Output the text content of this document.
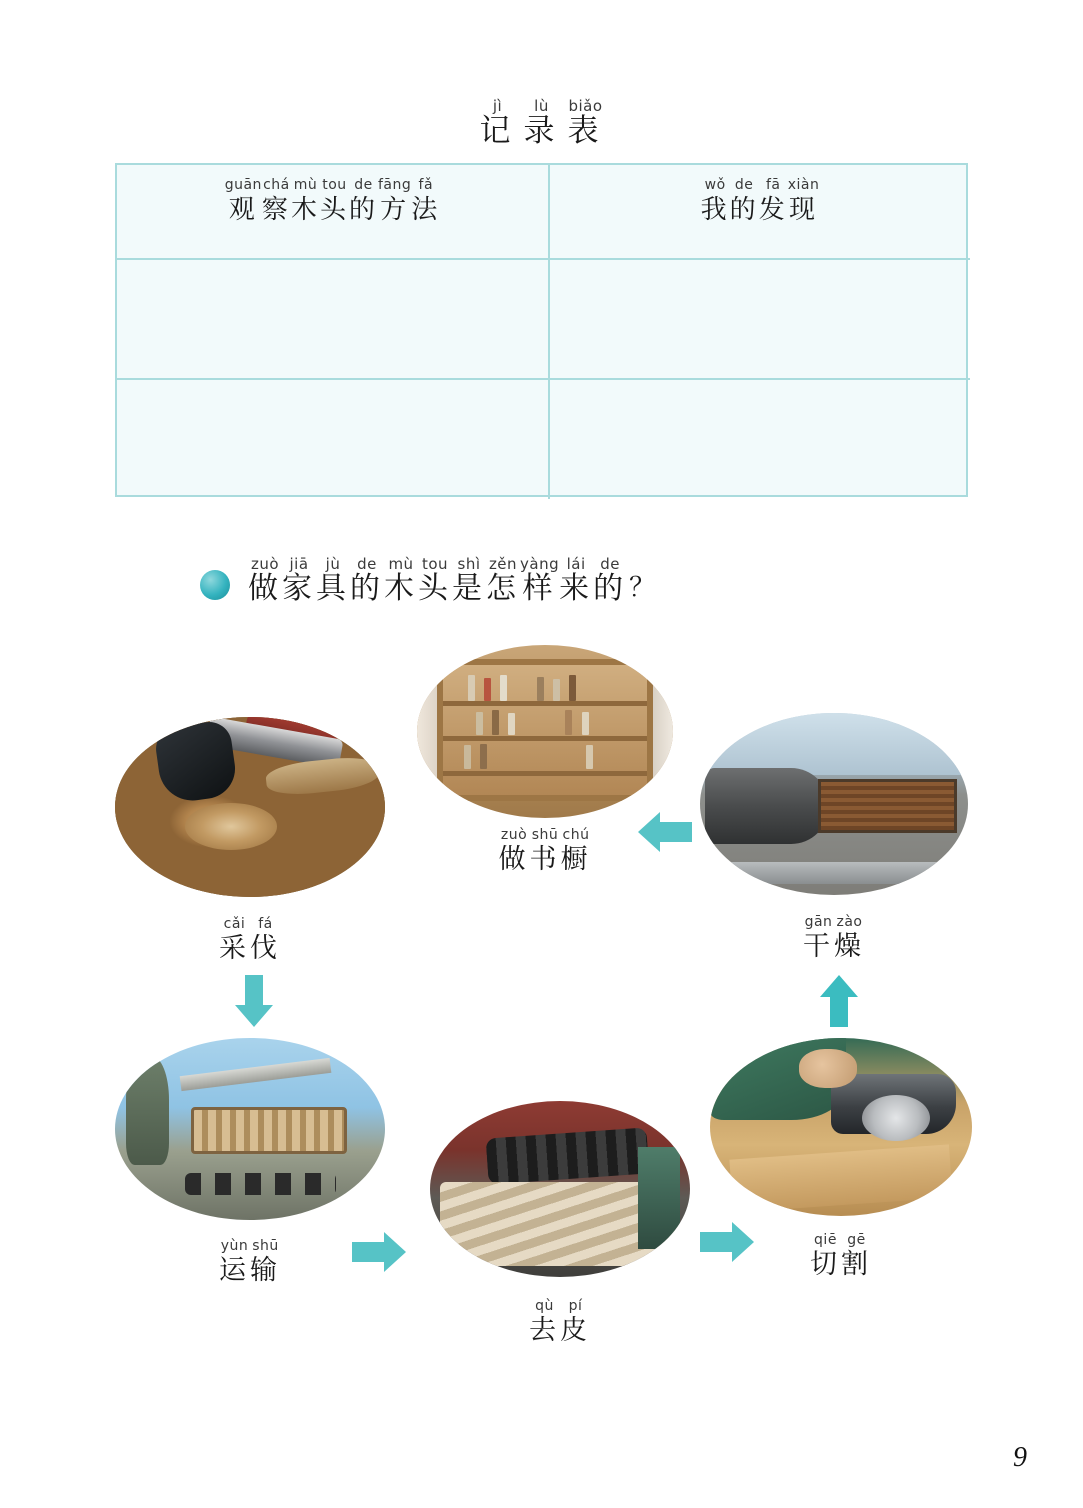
jì
记
lù
录
biǎo
表
guān
观
chá
察
mù
木
tou
头
de
的
fāng
方
fǎ
法
wǒ
我
de
的
fā
发
xiàn
现
zuò
做
jiā
家
jù
具
de
的
mù
木
tou
头
shì
是
zěn
怎
yàng
样
lái
来
de
的 ？
cǎi
采
fá
伐
zuò
做
shū
书
chú
橱
gān
干
zào
燥
yùn
运
shū
输
qù
去
pí
皮
qiē
切
gē
割
9
